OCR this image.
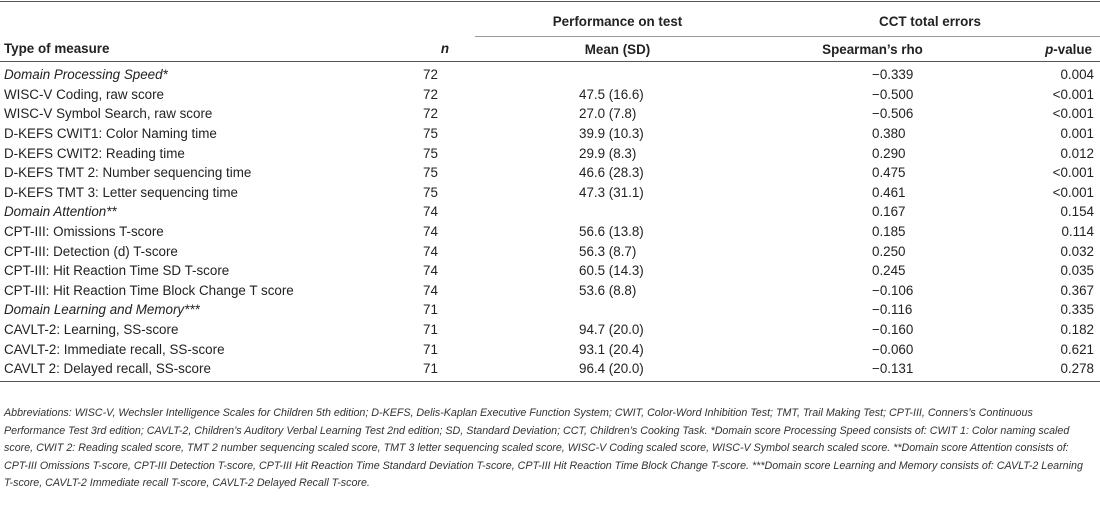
		Performance on test	CCT total errors	
Type of measure	n	Mean (SD)	Spearman’s rho	p-value
Domain Processing Speed*	72		−0.339	0.004
WISC-V Coding, raw score	72	47.5 (16.6)	−0.500	<0.001
WISC-V Symbol Search, raw score	72	27.0 (7.8)	−0.506	<0.001
D-KEFS CWIT1: Color Naming time	75	39.9 (10.3)	0.380	0.001
D-KEFS CWIT2: Reading time	75	29.9 (8.3)	0.290	0.012
D-KEFS TMT 2: Number sequencing time	75	46.6 (28.3)	0.475	<0.001
D-KEFS TMT 3: Letter sequencing time	75	47.3 (31.1)	0.461	<0.001
Domain Attention**	74		0.167	0.154
CPT-III: Omissions T-score	74	56.6 (13.8)	0.185	0.114
CPT-III: Detection (d) T-score	74	56.3 (8.7)	0.250	0.032
CPT-III: Hit Reaction Time SD T-score	74	60.5 (14.3)	0.245	0.035
CPT-III: Hit Reaction Time Block Change T score	74	53.6 (8.8)	−0.106	0.367
Domain Learning and Memory***	71		−0.116	0.335
CAVLT-2: Learning, SS-score	71	94.7 (20.0)	−0.160	0.182
CAVLT-2: Immediate recall, SS-score	71	93.1 (20.4)	−0.060	0.621
CAVLT 2: Delayed recall, SS-score	71	96.4 (20.0)	−0.131	0.278
Abbreviations: WISC-V, Wechsler Intelligence Scales for Children 5th edition; D-KEFS, Delis-Kaplan Executive Function System; CWIT, Color-Word Inhibition Test; TMT, Trail Making Test; CPT-III, Conners’s Continuous Performance Test 3rd edition; CAVLT-2, Children’s Auditory Verbal Learning Test 2nd edition; SD, Standard Deviation; CCT, Children’s Cooking Task. *Domain score Processing Speed consists of: CWIT 1: Color naming scaled score, CWIT 2: Reading scaled score, TMT 2 number sequencing scaled score, TMT 3 letter sequencing scaled score, WISC-V Coding scaled score, WISC-V Symbol search scaled score. **Domain score Attention consists of: CPT-III Omissions T-score, CPT-III Detection T-score, CPT-III Hit Reaction Time Standard Deviation T-score, CPT-III Hit Reaction Time Block Change T-score. ***Domain score Learning and Memory consists of: CAVLT-2 Learning T-score, CAVLT-2 Immediate recall T-score, CAVLT-2 Delayed Recall T-score.
